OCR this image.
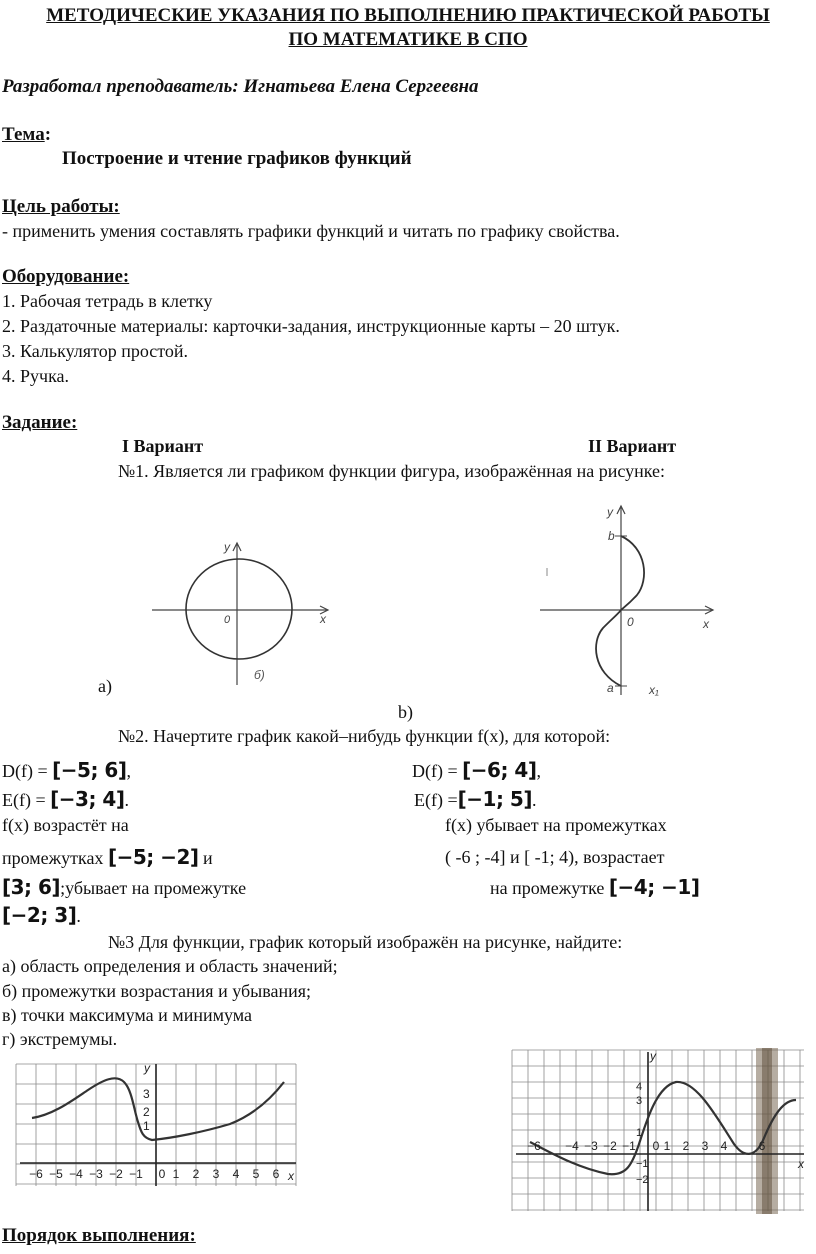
МЕТОДИЧЕСКИЕ УКАЗАНИЯ ПО ВЫПОЛНЕНИЮ ПРАКТИЧЕСКОЙ РАБОТЫ
ПО МАТЕМАТИКЕ В СПО
Разработал преподаватель: Игнатьева Елена Сергеевна
Тема:
Построение и чтение графиков функций
Цель работы:
- применить умения составлять графики функций и читать по графику свойства.
Оборудование:
1. Рабочая тетрадь в клетку
2. Раздаточные материалы: карточки-задания, инструкционные карты – 20 штук.
3. Калькулятор простой.
4. Ручка.
Задание:
I Вариант	II Вариант
№1. Является ли графиком функции фигура, изображённая на рисунке:
y
x
0
б)
а)
y
b
0	x
a	x₁
b)
№2. Начертите график какой–нибудь функции f(x), для которой:
D(f) = [−5; 6],
E(f) = [−3; 4].
f(x) возрастёт на
промежутках [−5; −2] и
[3; 6];убывает на промежутке
[−2; 3].
D(f) = [−6; 4],
E(f) =[−1; 5].
f(x) убывает на промежутках
( -6 ; -4] и [ -1; 4), возрастает
на промежутке [−4; −1]
№3 Для функции, график который изображён на рисунке, найдите:
а) область определения и область значений;
б) промежутки возрастания и убывания;
в) точки максимума и минимума
г) экстремумы.
−6 −5 −4 −3 −2 −1 0 1 2 3 4 5 6
1
2
3
y
x
−6 −4 −3 −2 −1 0 1 2 3 4	6
4
3
1
−1
−2
y
x
Порядок выполнения:
